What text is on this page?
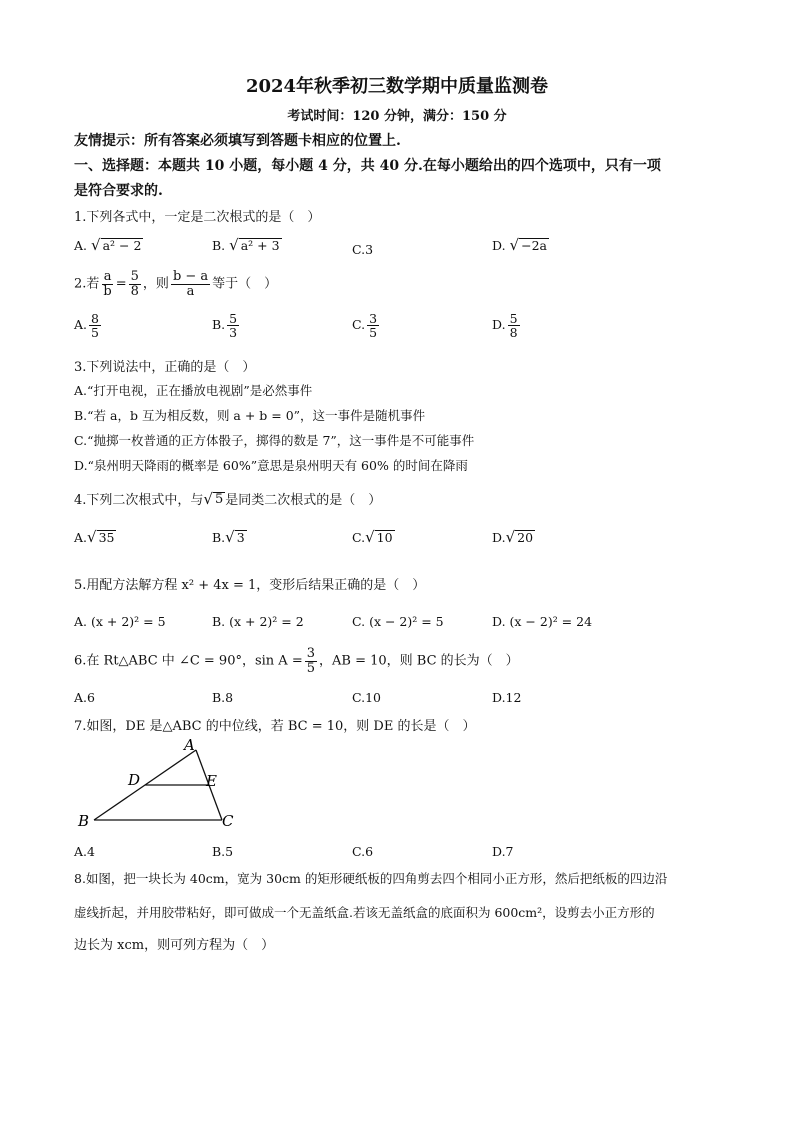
2024年秋季初三数学期中质量监测卷
考试时间：120 分钟，满分：150 分
友情提示：所有答案必须填写到答题卡相应的位置上.
一、选择题：本题共 10 小题，每小题 4 分，共 40 分.在每小题给出的四个选项中，只有一项
是符合要求的.
1.下列各式中，一定是二次根式的是（　）
A. √ a² − 2	B. √ a² + 3	C.3	D. √ −2a
2.若 $\frac{a}{b} = \frac{5}{8}$ ，则 $\frac{b - a}{a}$ 等于（　）
A. $\frac{8}{5}$	B. $\frac{5}{3}$	C. $\frac{3}{5}$	D. $\frac{5}{8}$
3.下列说法中，正确的是（　）
A.“打开电视，正在播放电视剧”是必然事件
B.“若 a，b 互为相反数，则 a + b = 0”，这一事件是随机事件
C.“抛掷一枚普通的正方体骰子，掷得的数是 7”，这一事件是不可能事件
D.“泉州明天降雨的概率是 60%”意思是泉州明天有 60% 的时间在降雨
4.下列二次根式中，与 √ 5 是同类二次根式的是（　）
A. √ 35	B. √ 3	C. √ 10	D. √ 20
5.用配方法解方程 x² + 4x = 1，变形后结果正确的是（　）
A. (x + 2)² = 5	B. (x + 2)² = 2	C. (x − 2)² = 5	D. (x − 2)² = 24
6.在 Rt△ABC 中 ∠C = 90°，$\sin A = \frac{3}{5}$ ，AB = 10，则 BC 的长为（　）
A.6	B.8	C.10	D.12
7.如图，DE 是△ABC 的中位线，若 BC = 10，则 DE 的长是（　）
A
B	C
D	E
A.4	B.5	C.6	D.7
8.如图，把一块长为 40cm，宽为 30cm 的矩形硬纸板的四角剪去四个相同小正方形，然后把纸板的四边沿
虚线折起，并用胶带粘好，即可做成一个无盖纸盒.若该无盖纸盒的底面积为 600cm²，设剪去小正方形的
边长为 xcm，则可列方程为（　）
